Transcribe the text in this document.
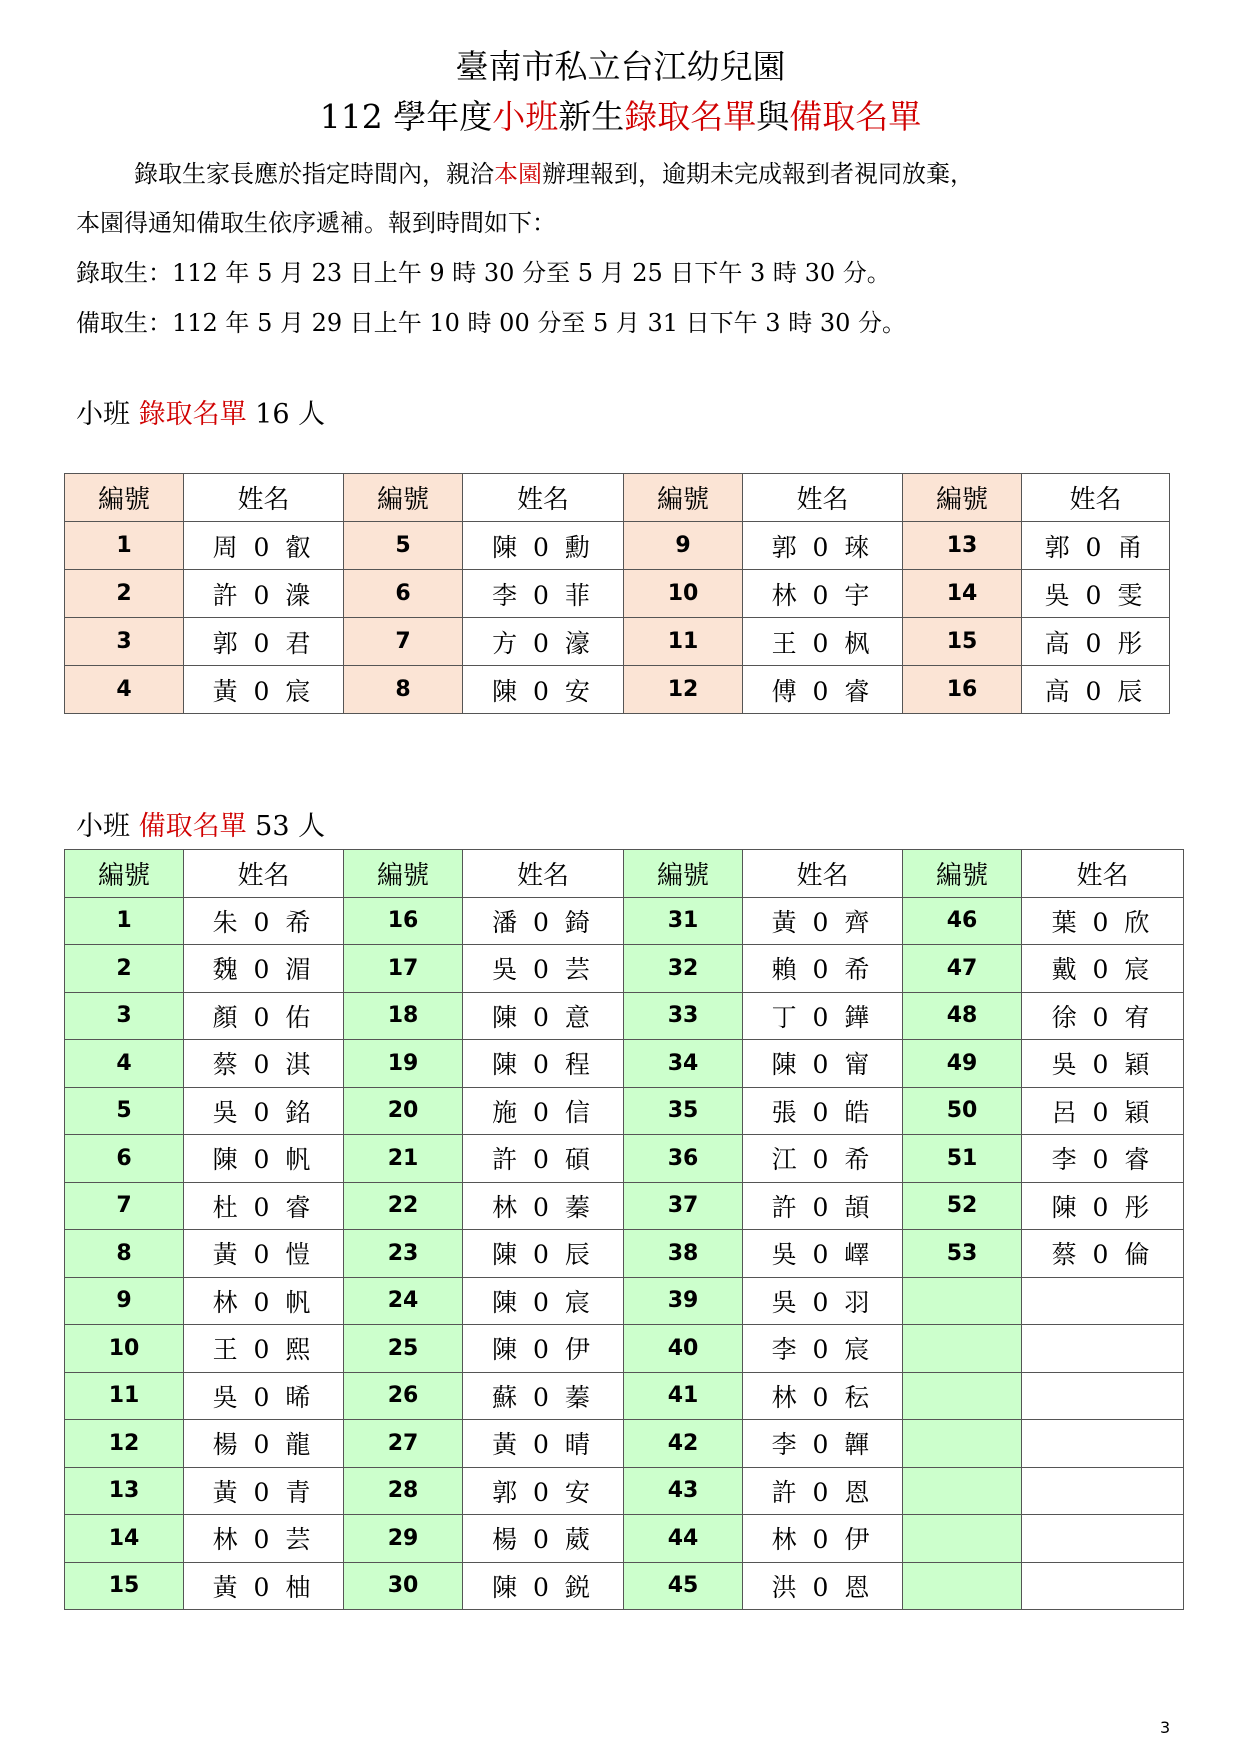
臺南市私立台江幼兒園
112 學年度小班新生錄取名單與備取名單
錄取生家長應於指定時間內，親洽本園辦理報到，逾期未完成報到者視同放棄，
本園得通知備取生依序遞補。報到時間如下：
錄取生：112 年 5 月 23 日上午 9 時 30 分至 5 月 25 日下午 3 時 30 分。
備取生：112 年 5 月 29 日上午 10 時 00 分至 5 月 31 日下午 3 時 30 分。
小班 錄取名單 16 人
編號	姓名	編號	姓名	編號	姓名	編號	姓名
1	周 0 叡	5	陳 0 勳	9	郭 0 琜	13	郭 0 甬
2	許 0 潨	6	李 0 菲	10	林 0 宇	14	吳 0 雯
3	郭 0 君	7	方 0 濠	11	王 0 枫	15	高 0 彤
4	黃 0 宸	8	陳 0 安	12	傅 0 睿	16	高 0 辰
小班 備取名單 53 人
編號	姓名	編號	姓名	編號	姓名	編號	姓名
1	朱 0 希	16	潘 0 錡	31	黃 0 齊	46	葉 0 欣
2	魏 0 湄	17	吳 0 芸	32	賴 0 希	47	戴 0 宸
3	顏 0 佑	18	陳 0 意	33	丁 0 鏵	48	徐 0 宥
4	蔡 0 淇	19	陳 0 程	34	陳 0 甯	49	吳 0 穎
5	吳 0 銘	20	施 0 信	35	張 0 皓	50	呂 0 穎
6	陳 0 帆	21	許 0 碩	36	江 0 希	51	李 0 睿
7	杜 0 睿	22	林 0 蓁	37	許 0 頡	52	陳 0 彤
8	黃 0 愷	23	陳 0 辰	38	吳 0 嶧	53	蔡 0 倫
9	林 0 帆	24	陳 0 宸	39	吳 0 羽		
10	王 0 熙	25	陳 0 伊	40	李 0 宸		
11	吳 0 晞	26	蘇 0 蓁	41	林 0 秐		
12	楊 0 龍	27	黃 0 晴	42	李 0 韗		
13	黃 0 青	28	郭 0 安	43	許 0 恩		
14	林 0 芸	29	楊 0 葳	44	林 0 伊		
15	黃 0 柚	30	陳 0 鋭	45	洪 0 恩		
3
